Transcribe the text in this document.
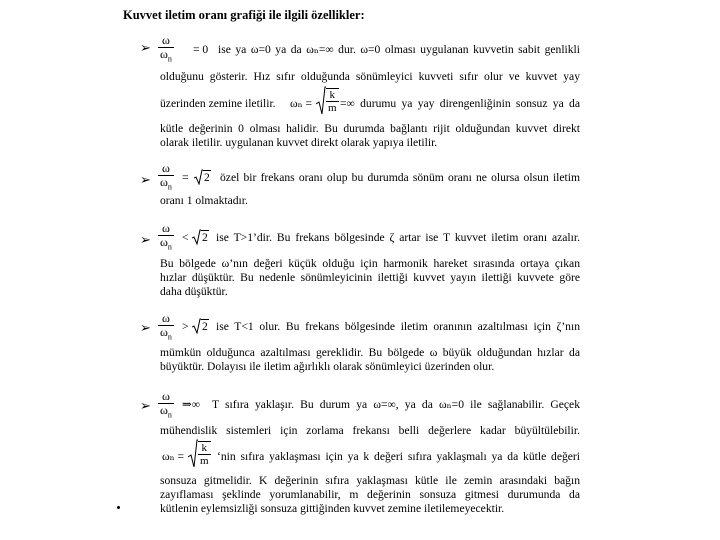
Kuvvet iletim oranı grafiği ile ilgili özellikler:
➢ $\frac{\omega}{\omega_n} = 0$ ise ya ω=0 ya da ωₙ=∞ dur. ω=0 olması uygulanan kuvvetin sabit genlikli
olduğunu gösterir. Hız sıfır olduğunda sönümleyici kuvveti sıfır olur ve kuvvet yay
üzerinden zemine iletilir. $\omega_n = \frac{k}{m}$ =∞ durumu ya yay direngenliğinin sonsuz ya da
kütle değerinin 0 olması halidir. Bu durumda bağlantı rijit olduğundan kuvvet direkt
olarak iletilir. uygulanan kuvvet direkt olarak yapıya iletilir.
➢ $\frac{\omega}{\omega_n} = 2$ özel bir frekans oranı olup bu durumda sönüm oranı ne olursa olsun iletim
oranı 1 olmaktadır.
➢ $\frac{\omega}{\omega_n} < 2$ ise T>1’dir. Bu frekans bölgesinde ζ artar ise T kuvvet iletim oranı azalır.
Bu bölgede ω’nın değeri küçük olduğu için harmonik hareket sırasında ortaya çıkan
hızlar düşüktür. Bu nedenle sönümleyicinin ilettiği kuvvet yayın ilettiği kuvvete göre
daha düşüktür.
➢ $\frac{\omega}{\omega_n} > 2$ ise T<1 olur. Bu frekans bölgesinde iletim oranının azaltılması için ζ’nın
mümkün olduğunca azaltılması gereklidir. Bu bölgede ω büyük olduğundan hızlar da
büyüktür. Dolayısı ile iletim ağırlıklı olarak sönümleyici üzerinden olur.
➢ $\frac{\omega}{\omega_n}$ ⇒∞ T sıfıra yaklaşır. Bu durum ya ω=∞, ya da ωₙ=0 ile sağlanabilir. Geçek
mühendislik sistemleri için zorlama frekansı belli değerlere kadar büyültülebilir.
$\omega_n = \frac{k}{m}$ ‘nin sıfıra yaklaşması için ya k değeri sıfıra yaklaşmalı ya da kütle değeri
sonsuza gitmelidir. K değerinin sıfıra yaklaşması kütle ile zemin arasındaki bağın
zayıflaması şeklinde yorumlanabilir, m değerinin sonsuza gitmesi durumunda da
kütlenin eylemsizliği sonsuza gittiğinden kuvvet zemine iletilemeyecektir.
